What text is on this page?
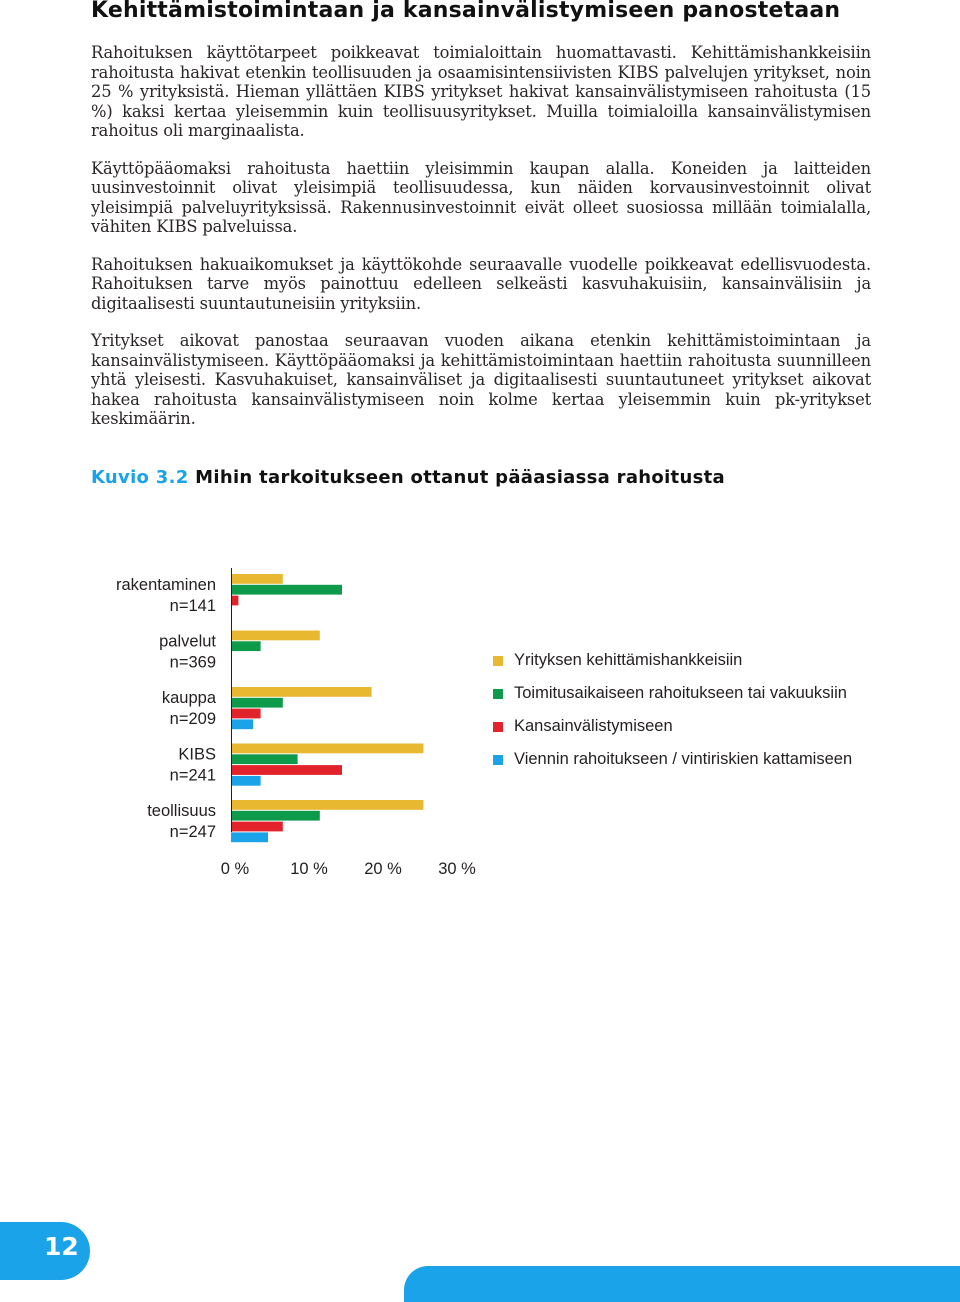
Kehittämistoimintaan ja kansainvälistymiseen panostetaan

Rahoituksen käyttötarpeet poikkeavat toimialoittain huomattavasti. Kehittämishankkeisiin rahoitusta hakivat etenkin teollisuuden ja osaamisintensiivisten KIBS palvelujen yritykset, noin 25 % yrityksistä. Hieman yllättäen KIBS yritykset hakivat kansainvälistymiseen rahoitusta (15 %) kaksi kertaa yleisemmin kuin teollisuusyritykset. Muilla toimialoilla kansainvälistymisen rahoitus oli marginaalista.

Käyttöpääomaksi rahoitusta haettiin yleisimmin kaupan alalla. Koneiden ja laitteiden uusinvestoinnit olivat yleisimpiä teollisuudessa, kun näiden korvausinvestoinnit olivat yleisimpiä palveluyrityksissä. Rakennusinvestoinnit eivät olleet suosiossa millään toimialalla, vähiten KIBS palveluissa.

Rahoituksen hakuaikomukset ja käyttökohde seuraavalle vuodelle poikkeavat edellisvuodesta. Rahoituksen tarve myös painottuu edelleen selkeästi kasvuhakuisiin, kansainvälisiin ja digitaalisesti suuntautuneisiin yrityksiin.

Yritykset aikovat panostaa seuraavan vuoden aikana etenkin kehittämistoimintaan ja kansainvälistymiseen. Käyttöpääomaksi ja kehittämistoimintaan haettiin rahoitusta suunnilleen yhtä yleisesti. Kasvuhakuiset, kansainväliset ja digitaalisesti suuntautuneet yritykset aikovat hakea rahoitusta kansainvälistymiseen noin kolme kertaa yleisemmin kuin pk-yritykset keskimäärin.

Kuvio 3.2 Mihin tarkoitukseen ottanut pääasiassa rahoitusta
rakentaminen
n=141
palvelut
n=369
kauppa
n=209
KIBS
n=241
teollisuus
n=247
0 % 10 % 20 % 30 %
Yrityksen kehittämishankkeisiin
Toimitusaikaiseen rahoitukseen tai vakuuksiin
Kansainvälistymiseen
Viennin rahoitukseen / vintiriskien kattamiseen
12
